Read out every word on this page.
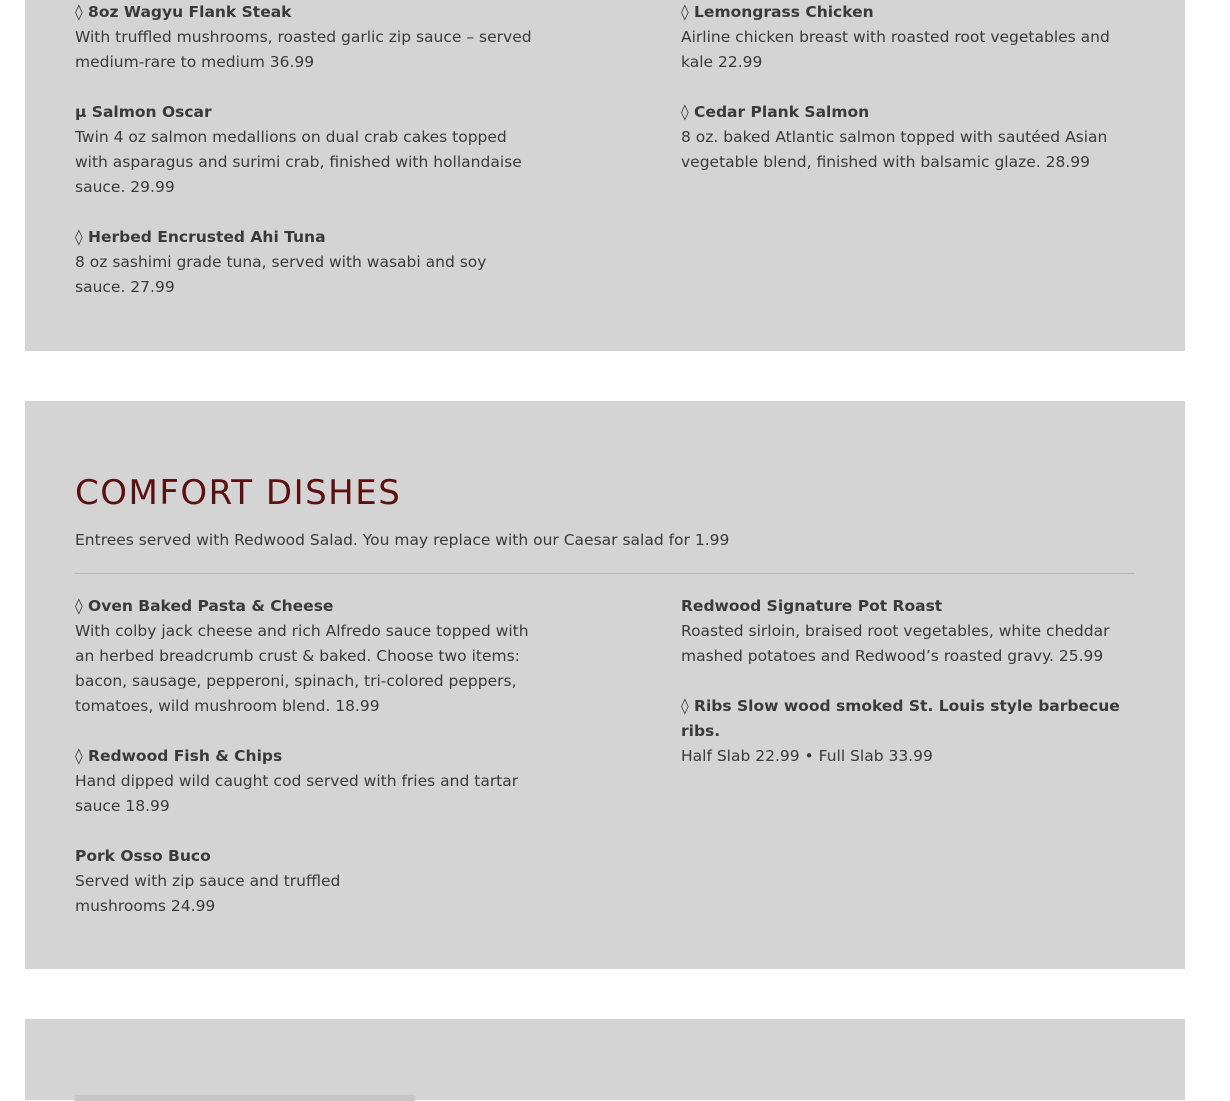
◊ 8oz Wagyu Flank Steak
With truffled mushrooms, roasted garlic zip sauce – served medium-rare to medium 36.99
µ Salmon Oscar
Twin 4 oz salmon medallions on dual crab cakes topped with asparagus and surimi crab, finished with hollandaise sauce. 29.99
◊ Herbed Encrusted Ahi Tuna
8 oz sashimi grade tuna, served with wasabi and soy sauce. 27.99
◊ Lemongrass Chicken
Airline chicken breast with roasted root vegetables and kale 22.99
◊ Cedar Plank Salmon
8 oz. baked Atlantic salmon topped with sautéed Asian vegetable blend, finished with balsamic glaze. 28.99
COMFORT DISHES
Entrees served with Redwood Salad. You may replace with our Caesar salad for 1.99
◊ Oven Baked Pasta & Cheese
With colby jack cheese and rich Alfredo sauce topped with an herbed breadcrumb crust & baked. Choose two items: bacon, sausage, pepperoni, spinach, tri-colored peppers, tomatoes, wild mushroom blend. 18.99
◊ Redwood Fish & Chips
Hand dipped wild caught cod served with fries and tartar sauce 18.99
Pork Osso Buco
Served with zip sauce and truffled mushrooms 24.99
Redwood Signature Pot Roast
Roasted sirloin, braised root vegetables, white cheddar mashed potatoes and Redwood’s roasted gravy. 25.99
◊ Ribs Slow wood smoked St. Louis style barbecue ribs.
Half Slab 22.99 • Full Slab 33.99
